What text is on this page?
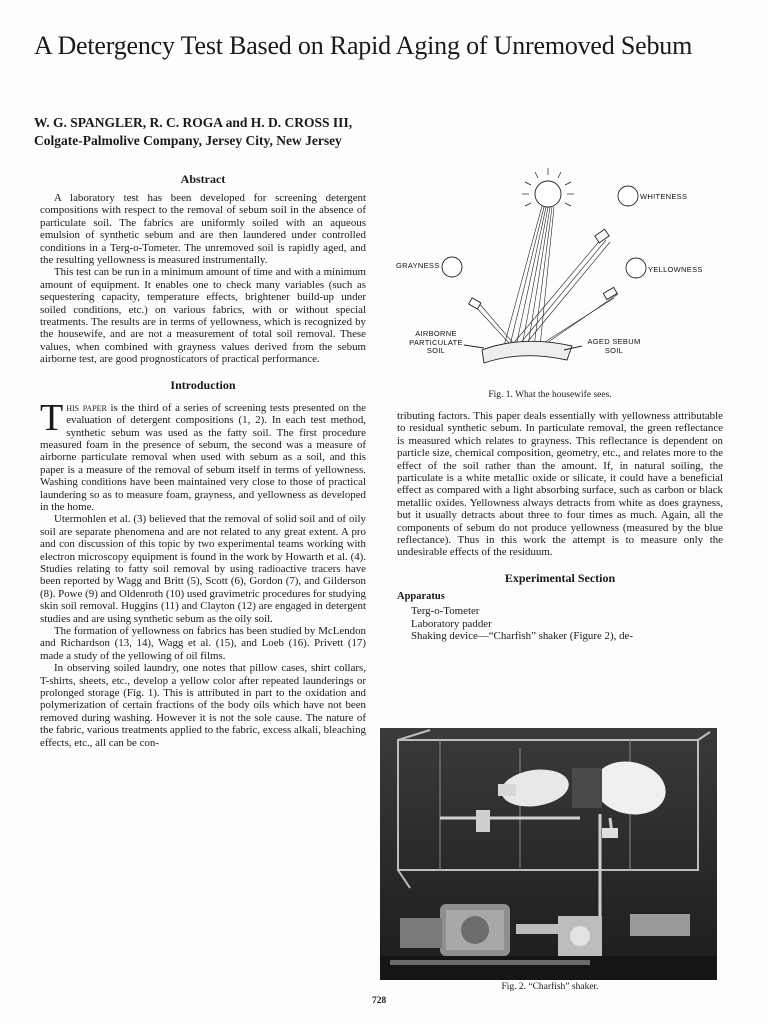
A Detergency Test Based on Rapid Aging of Unremoved Sebum
W. G. SPANGLER, R. C. ROGA and H. D. CROSS III,
Colgate-Palmolive Company, Jersey City, New Jersey
Abstract

A laboratory test has been developed for screening detergent compositions with respect to the removal of sebum soil in the absence of particulate soil. The fabrics are uniformly soiled with an aqueous emulsion of synthetic sebum and are then laundered under controlled conditions in a Terg-o-Tometer. The unremoved soil is rapidly aged, and the resulting yellowness is measured instrumentally.

This test can be run in a minimum amount of time and with a minimum amount of equipment. It enables one to check many variables (such as sequestering capacity, temperature effects, brightener build-up under soiled conditions, etc.) on various fabrics, with or without special treatments. The results are in terms of yellowness, which is recognized by the housewife, and are not a measurement of total soil removal. These values, when combined with grayness values derived from the sebum airborne test, are good prognosticators of practical performance.

Introduction

This paper is the third of a series of screening tests presented on the evaluation of detergent compositions (1, 2). In each test method, synthetic sebum was used as the fatty soil. The first procedure measured foam in the presence of sebum, the second was a measure of airborne particulate removal when used with sebum as a soil, and this paper is a measure of the removal of sebum itself in terms of yellowness. Washing conditions have been maintained very close to those of practical laundering so as to measure foam, grayness, and yellowness as developed in the home.

Utermohlen et al. (3) believed that the removal of solid soil and of oily soil are separate phenomena and are not related to any great extent. A pro and con discussion of this topic by two experimental teams working with electron microscopy equipment is found in the work by Howarth et al. (4). Studies relating to fatty soil removal by using radioactive tracers have been reported by Wagg and Britt (5), Scott (6), Gordon (7), and Gilderson (8). Powe (9) and Oldenroth (10) used gravimetric procedures for studying skin soil removal. Huggins (11) and Clayton (12) are engaged in detergent studies and are using synthetic sebum as the oily soil.

The formation of yellowness on fabrics has been studied by McLendon and Richardson (13, 14), Wagg et al. (15), and Loeb (16). Privett (17) made a study of the yellowing of oil films.

In observing soiled laundry, one notes that pillow cases, shirt collars, T-shirts, sheets, etc., develop a yellow color after repeated launderings or prolonged storage (Fig. 1). This is attributed in part to the oxidation and polymerization of certain fractions of the body oils which have not been removed during washing. However it is not the sole cause. The nature of the fabric, various treatments applied to the fabric, excess alkali, bleaching effects, etc., all can be con-

WHITENESS
GRAYNESS	YELLOWNESS
AIRBORNE
PARTICULATE
SOIL
AGED SEBUM
SOIL
Fig. 1. What the housewife sees.

tributing factors. This paper deals essentially with yellowness attributable to residual synthetic sebum. In particulate removal, the green reflectance is measured which relates to grayness. This reflectance is dependent on particle size, chemical composition, geometry, etc., and relates more to the effect of the soil rather than the amount. If, in natural soiling, the particulate is a white metallic oxide or silicate, it could have a beneficial effect as compared with a light absorbing surface, such as carbon or black metallic oxides. Yellowness always detracts from white as does grayness, but it usually detracts about three to four times as much. Again, all the components of sebum do not produce yellowness (measured by the blue reflectance). Thus in this work the attempt is to measure only the undesirable effects of the residuum.

Experimental Section
Apparatus
Terg-o-Tometer
Laboratory padder
Shaking device—“Charfish” shaker (Figure 2), de-
Fig. 2. “Charfish” shaker.
728
